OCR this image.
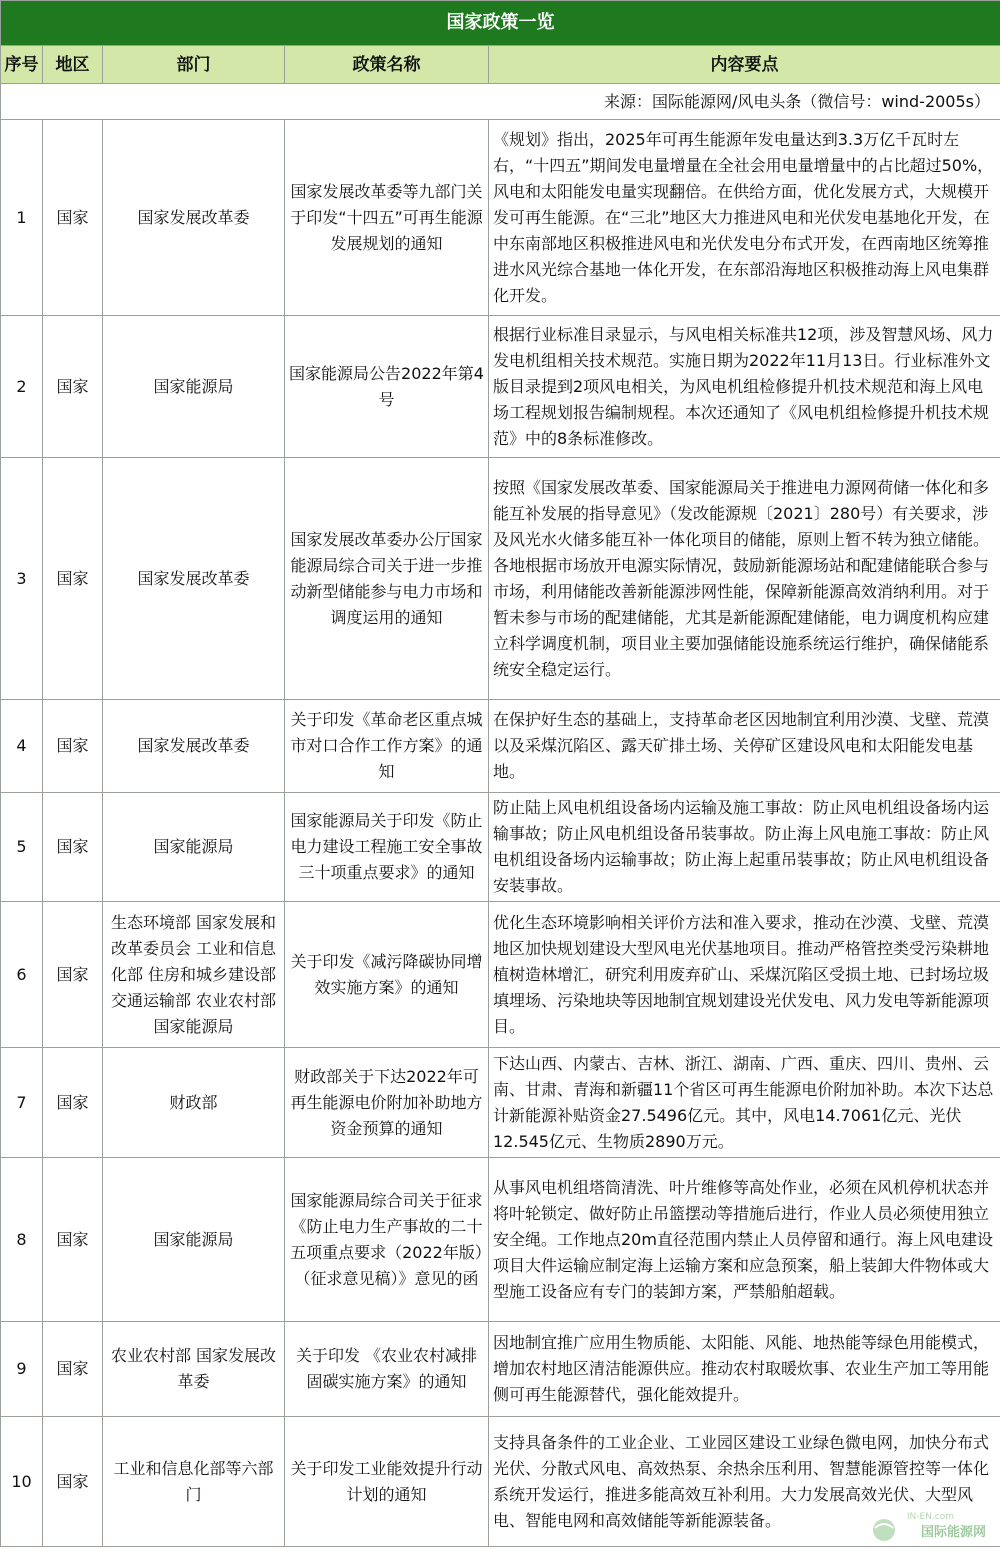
国家政策一览				
序号	地区	部门	政策名称	内容要点
来源：国际能源网/风电头条（微信号：wind-2005s）				
1	国家	国家发展改革委	国家发展改革委等九部门关于印发“十四五”可再生能源发展规划的通知	《规划》指出，2025年可再生能源年发电量达到3.3万亿千瓦时左右，“十四五”期间发电量增量在全社会用电量增量中的占比超过50%，风电和太阳能发电量实现翻倍。在供给方面，优化发展方式，大规模开发可再生能源。在“三北”地区大力推进风电和光伏发电基地化开发，在中东南部地区积极推进风电和光伏发电分布式开发，在西南地区统筹推进水风光综合基地一体化开发，在东部沿海地区积极推动海上风电集群化开发。
2	国家	国家能源局	国家能源局公告2022年第4号	根据行业标准目录显示，与风电相关标准共12项，涉及智慧风场、风力发电机组相关技术规范。实施日期为2022年11月13日。行业标准外文版目录提到2项风电相关，为风电机组检修提升机技术规范和海上风电场工程规划报告编制规程。本次还通知了《风电机组检修提升机技术规范》中的8条标准修改。
3	国家	国家发展改革委	国家发展改革委办公厅国家能源局综合司关于进一步推动新型储能参与电力市场和调度运用的通知	按照《国家发展改革委、国家能源局关于推进电力源网荷储一体化和多能互补发展的指导意见》（发改能源规〔2021〕280号）有关要求，涉及风光水火储多能互补一体化项目的储能，原则上暂不转为独立储能。各地根据市场放开电源实际情况，鼓励新能源场站和配建储能联合参与市场，利用储能改善新能源涉网性能，保障新能源高效消纳利用。对于暂未参与市场的配建储能，尤其是新能源配建储能，电力调度机构应建立科学调度机制，项目业主要加强储能设施系统运行维护，确保储能系统安全稳定运行。
4	国家	国家发展改革委	关于印发《革命老区重点城市对口合作工作方案》的通知	在保护好生态的基础上，支持革命老区因地制宜利用沙漠、戈壁、荒漠以及采煤沉陷区、露天矿排土场、关停矿区建设风电和太阳能发电基地。
5	国家	国家能源局	国家能源局关于印发《防止电力建设工程施工安全事故三十项重点要求》的通知	防止陆上风电机组设备场内运输及施工事故：防止风电机组设备场内运输事故；防止风电机组设备吊装事故。防止海上风电施工事故：防止风电机组设备场内运输事故；防止海上起重吊装事故；防止风电机组设备安装事故。
6	国家	生态环境部 国家发展和改革委员会 工业和信息化部 住房和城乡建设部 交通运输部 农业农村部 国家能源局	关于印发《减污降碳协同增效实施方案》的通知	优化生态环境影响相关评价方法和准入要求，推动在沙漠、戈壁、荒漠地区加快规划建设大型风电光伏基地项目。推动严格管控类受污染耕地植树造林增汇，研究利用废弃矿山、采煤沉陷区受损土地、已封场垃圾填埋场、污染地块等因地制宜规划建设光伏发电、风力发电等新能源项目。
7	国家	财政部	财政部关于下达2022年可再生能源电价附加补助地方资金预算的通知	下达山西、内蒙古、吉林、浙江、湖南、广西、重庆、四川、贵州、云南、甘肃、青海和新疆11个省区可再生能源电价附加补助。本次下达总计新能源补贴资金27.5496亿元。其中，风电14.7061亿元、光伏12.545亿元、生物质2890万元。
8	国家	国家能源局	国家能源局综合司关于征求《防止电力生产事故的二十五项重点要求（2022年版）（征求意见稿）》意见的函	从事风电机组塔筒清洗、叶片维修等高处作业，必须在风机停机状态并将叶轮锁定、做好防止吊篮摆动等措施后进行，作业人员必须使用独立安全绳。工作地点20m直径范围内禁止人员停留和通行。海上风电建设项目大件运输应制定海上运输方案和应急预案，船上装卸大件物体或大型施工设备应有专门的装卸方案，严禁船舶超载。
9	国家	农业农村部 国家发展改革委	关于印发 《农业农村减排固碳实施方案》的通知	因地制宜推广应用生物质能、太阳能、风能、地热能等绿色用能模式，增加农村地区清洁能源供应。推动农村取暖炊事、农业生产加工等用能侧可再生能源替代，强化能效提升。
10	国家	工业和信息化部等六部门	关于印发工业能效提升行动计划的通知	支持具备条件的工业企业、工业园区建设工业绿色微电网，加快分布式光伏、分散式风电、高效热泵、余热余压利用、智慧能源管控等一体化系统开发运行，推进多能高效互补利用。大力发展高效光伏、大型风电、智能电网和高效储能等新能源装备。	IN-EN.com
国际能源网
